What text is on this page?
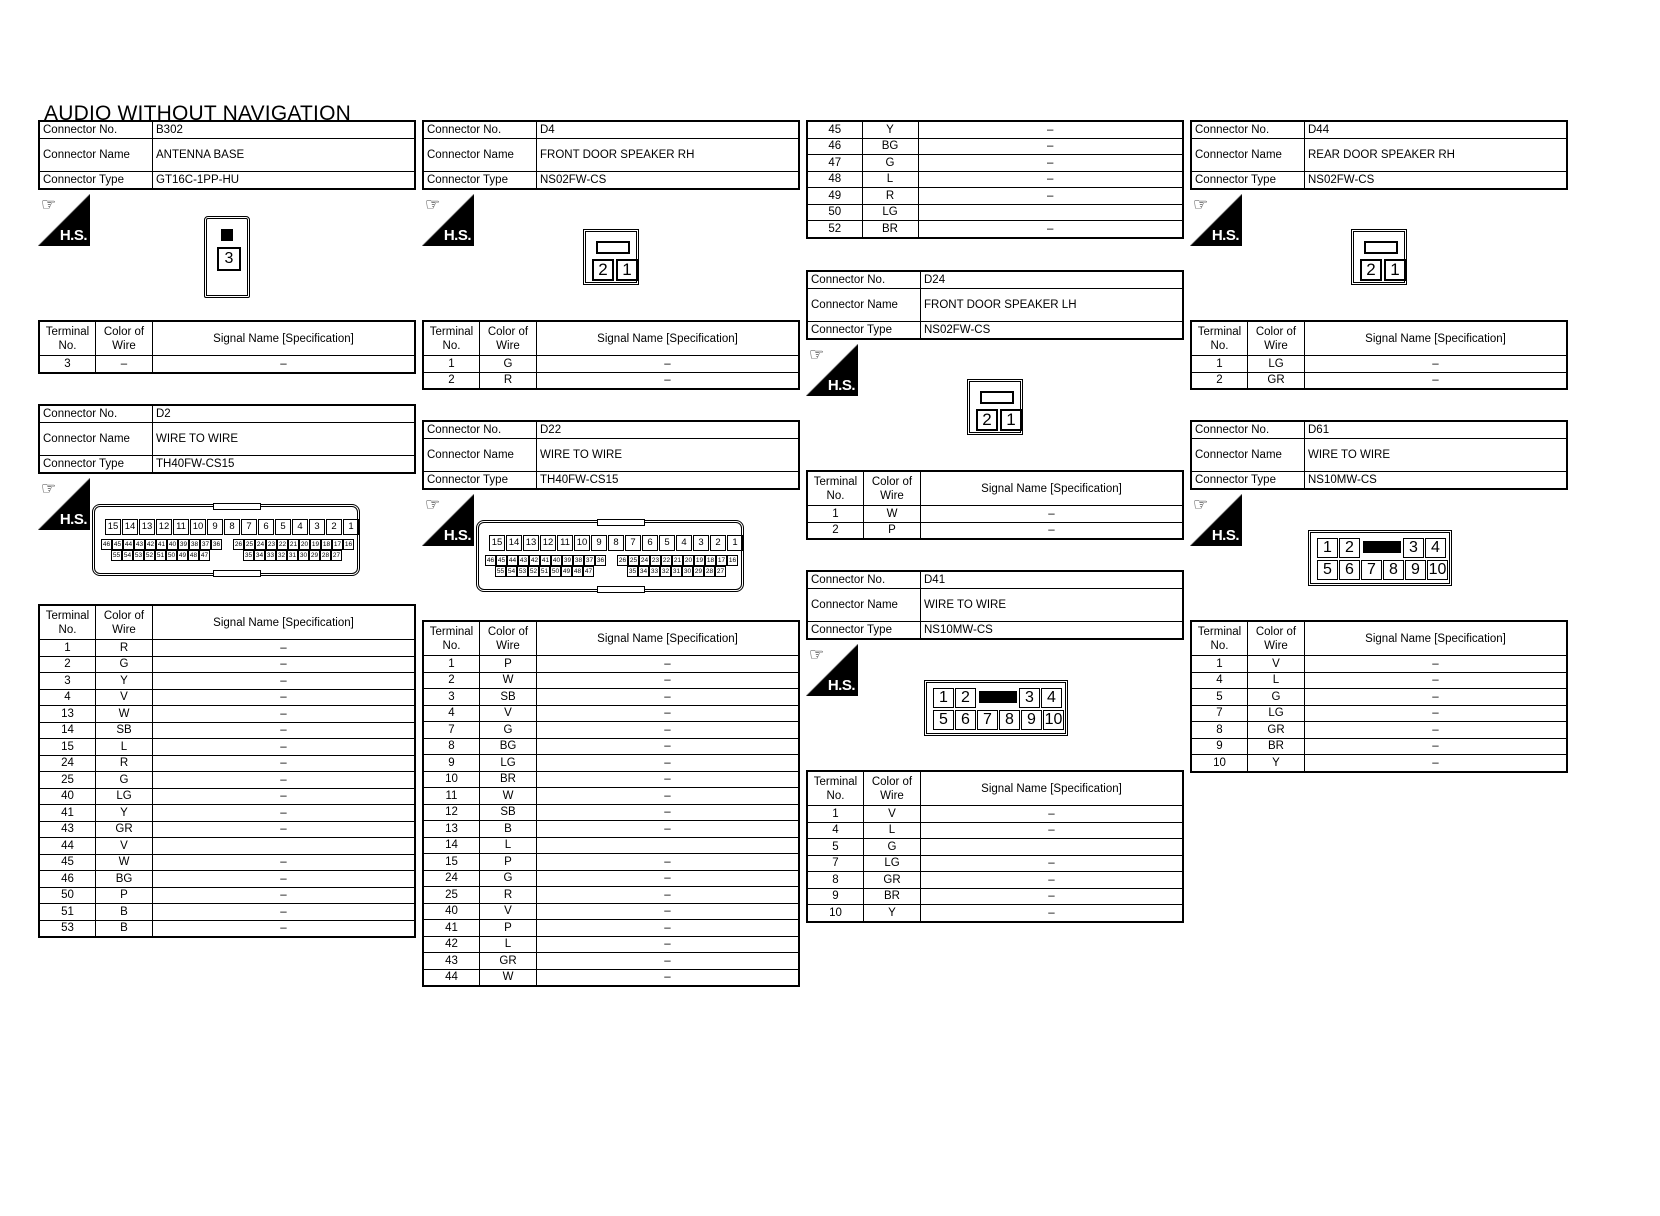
AUDIO WITHOUT NAVIGATION
Connector No.	B302
Connector Name	ANTENNA BASE
Connector Type	GT16C-1PP-HU
☞
H.S.
3
Terminal No.	Color of Wire	Signal Name [Specification]
3	–	–
Connector No.	D2
Connector Name	WIRE TO WIRE
Connector Type	TH40FW-CS15
☞
H.S. 15 14 13 12 11 10 9	8	7	6	5	4	3	2	1
46 45 44 43 42 41 40 39 38 37 36 26 25 24 23 22 21 20 19 18 17 16
55 54 53 52 51 50 49 48 47	35 34 33 32 31 30 29 28 27
Terminal No.	Color of Wire	Signal Name [Specification]
1	R	–
2	G	–
3	Y	–
4	V	–
13	W	–
14	SB	–
15	L	–
24	R	–
25	G	–
40	LG	–
41	Y	–
43	GR	–
44	V	
45	W	–
46	BG	–
50	P	–
51	B	–
53	B	–
Connector No.	D4
Connector Name	FRONT DOOR SPEAKER RH
Connector Type	NS02FW-CS
☞
H.S.
2 1
Terminal No.	Color of Wire	Signal Name [Specification]
1	G	–
2	R	–
Connector No.	D22
Connector Name	WIRE TO WIRE
Connector Type	TH40FW-CS15
☞
H.S. 15 14 13 12 11 10 9	8	7	6	5	4	3	2	1
46 45 44 43 42 41 40 39 38 37 36 26 25 24 23 22 21 20 19 18 17 16
55 54 53 52 51 50 49 48 47	35 34 33 32 31 30 29 28 27
Terminal No.	Color of Wire	Signal Name [Specification]
1	P	–
2	W	–
3	SB	–
4	V	–
7	G	–
8	BG	–
9	LG	–
10	BR	–
11	W	–
12	SB	–
13	B	–
14	L	
15	P	–
24	G	–
25	R	–
40	V	–
41	P	–
42	L	–
43	GR	–
44	W	–
45	Y	–
46	BG	–
47	G	–
48	L	–
49	R	–
50	LG	
52	BR	–
Connector No.	D24
Connector Name	FRONT DOOR SPEAKER LH
Connector Type	NS02FW-CS
☞
H.S.
2 1
Terminal No.	Color of Wire	Signal Name [Specification]
1	W	–
2	P	–
Connector No.	D41
Connector Name	WIRE TO WIRE
Connector Type	NS10MW-CS
☞
H.S.
1 2	3 4
5 6 7 8 9 10
Terminal No.	Color of Wire	Signal Name [Specification]
1	V	–
4	L	–
5	G	
7	LG	–
8	GR	–
9	BR	–
10	Y	–
Connector No.	D44
Connector Name	REAR DOOR SPEAKER RH
Connector Type	NS02FW-CS
☞
H.S.
2 1
Terminal No.	Color of Wire	Signal Name [Specification]
1	LG	–
2	GR	–
Connector No.	D61
Connector Name	WIRE TO WIRE
Connector Type	NS10MW-CS
☞
H.S.
1 2	3 4
5 6 7 8 9 10
Terminal No.	Color of Wire	Signal Name [Specification]
1	V	–
4	L	–
5	G	–
7	LG	–
8	GR	–
9	BR	–
10	Y	–
